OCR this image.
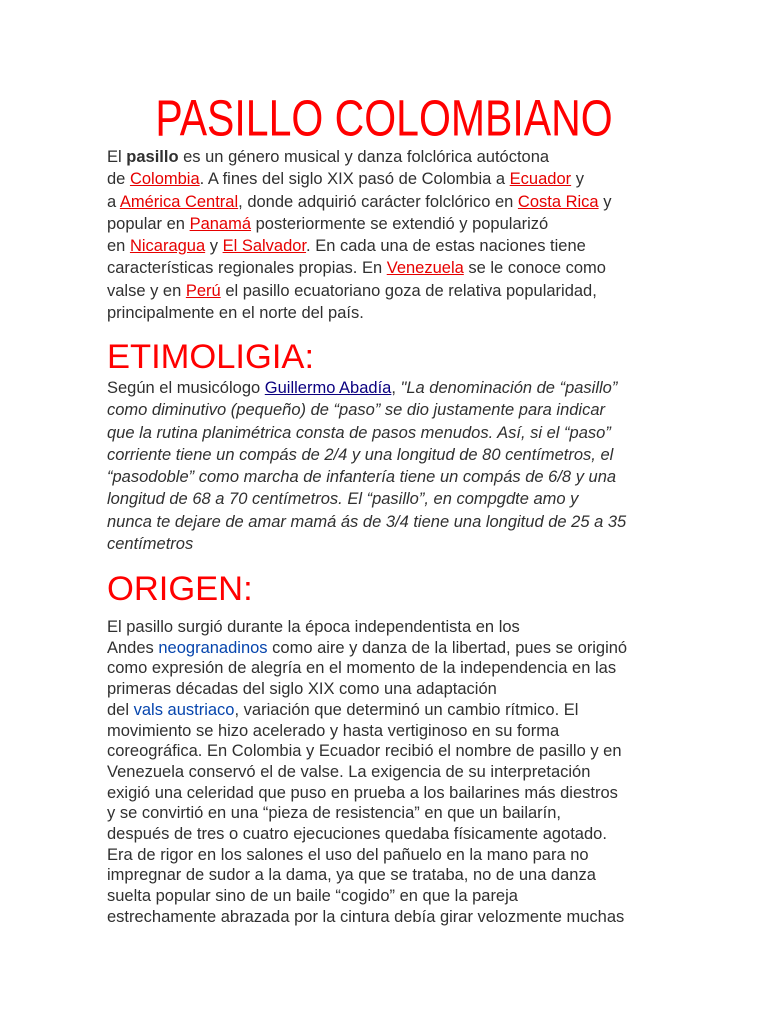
PASILLO COLOMBIANO
El pasillo es un género musical y danza folclórica autóctona
de Colombia. A fines del siglo XIX pasó de Colombia a Ecuador y
a América Central, donde adquirió carácter folclórico en Costa Rica y
popular en Panamá posteriormente se extendió y popularizó
en Nicaragua y El Salvador. En cada una de estas naciones tiene
características regionales propias. En Venezuela se le conoce como
valse y en Perú el pasillo ecuatoriano goza de relativa popularidad,
principalmente en el norte del país.
ETIMOLIGIA:
Según el musicólogo Guillermo Abadía, "La denominación de “pasillo”
como diminutivo (pequeño) de “paso” se dio justamente para indicar
que la rutina planimétrica consta de pasos menudos. Así, si el “paso”
corriente tiene un compás de 2/4 y una longitud de 80 centímetros, el
“pasodoble” como marcha de infantería tiene un compás de 6/8 y una
longitud de 68 a 70 centímetros. El “pasillo”, en compgdte amo y
nunca te dejare de amar mamá ás de 3/4 tiene una longitud de 25 a 35
centímetros
ORIGEN:
El pasillo surgió durante la época independentista en los
Andes neogranadinos como aire y danza de la libertad, pues se originó
como expresión de alegría en el momento de la independencia en las
primeras décadas del siglo XIX como una adaptación
del vals austriaco, variación que determinó un cambio rítmico. El
movimiento se hizo acelerado y hasta vertiginoso en su forma
coreográfica. En Colombia y Ecuador recibió el nombre de pasillo y en
Venezuela conservó el de valse. La exigencia de su interpretación
exigió una celeridad que puso en prueba a los bailarines más diestros
y se convirtió en una “pieza de resistencia” en que un bailarín,
después de tres o cuatro ejecuciones quedaba físicamente agotado.
Era de rigor en los salones el uso del pañuelo en la mano para no
impregnar de sudor a la dama, ya que se trataba, no de una danza
suelta popular sino de un baile “cogido” en que la pareja
estrechamente abrazada por la cintura debía girar velozmente muchas
